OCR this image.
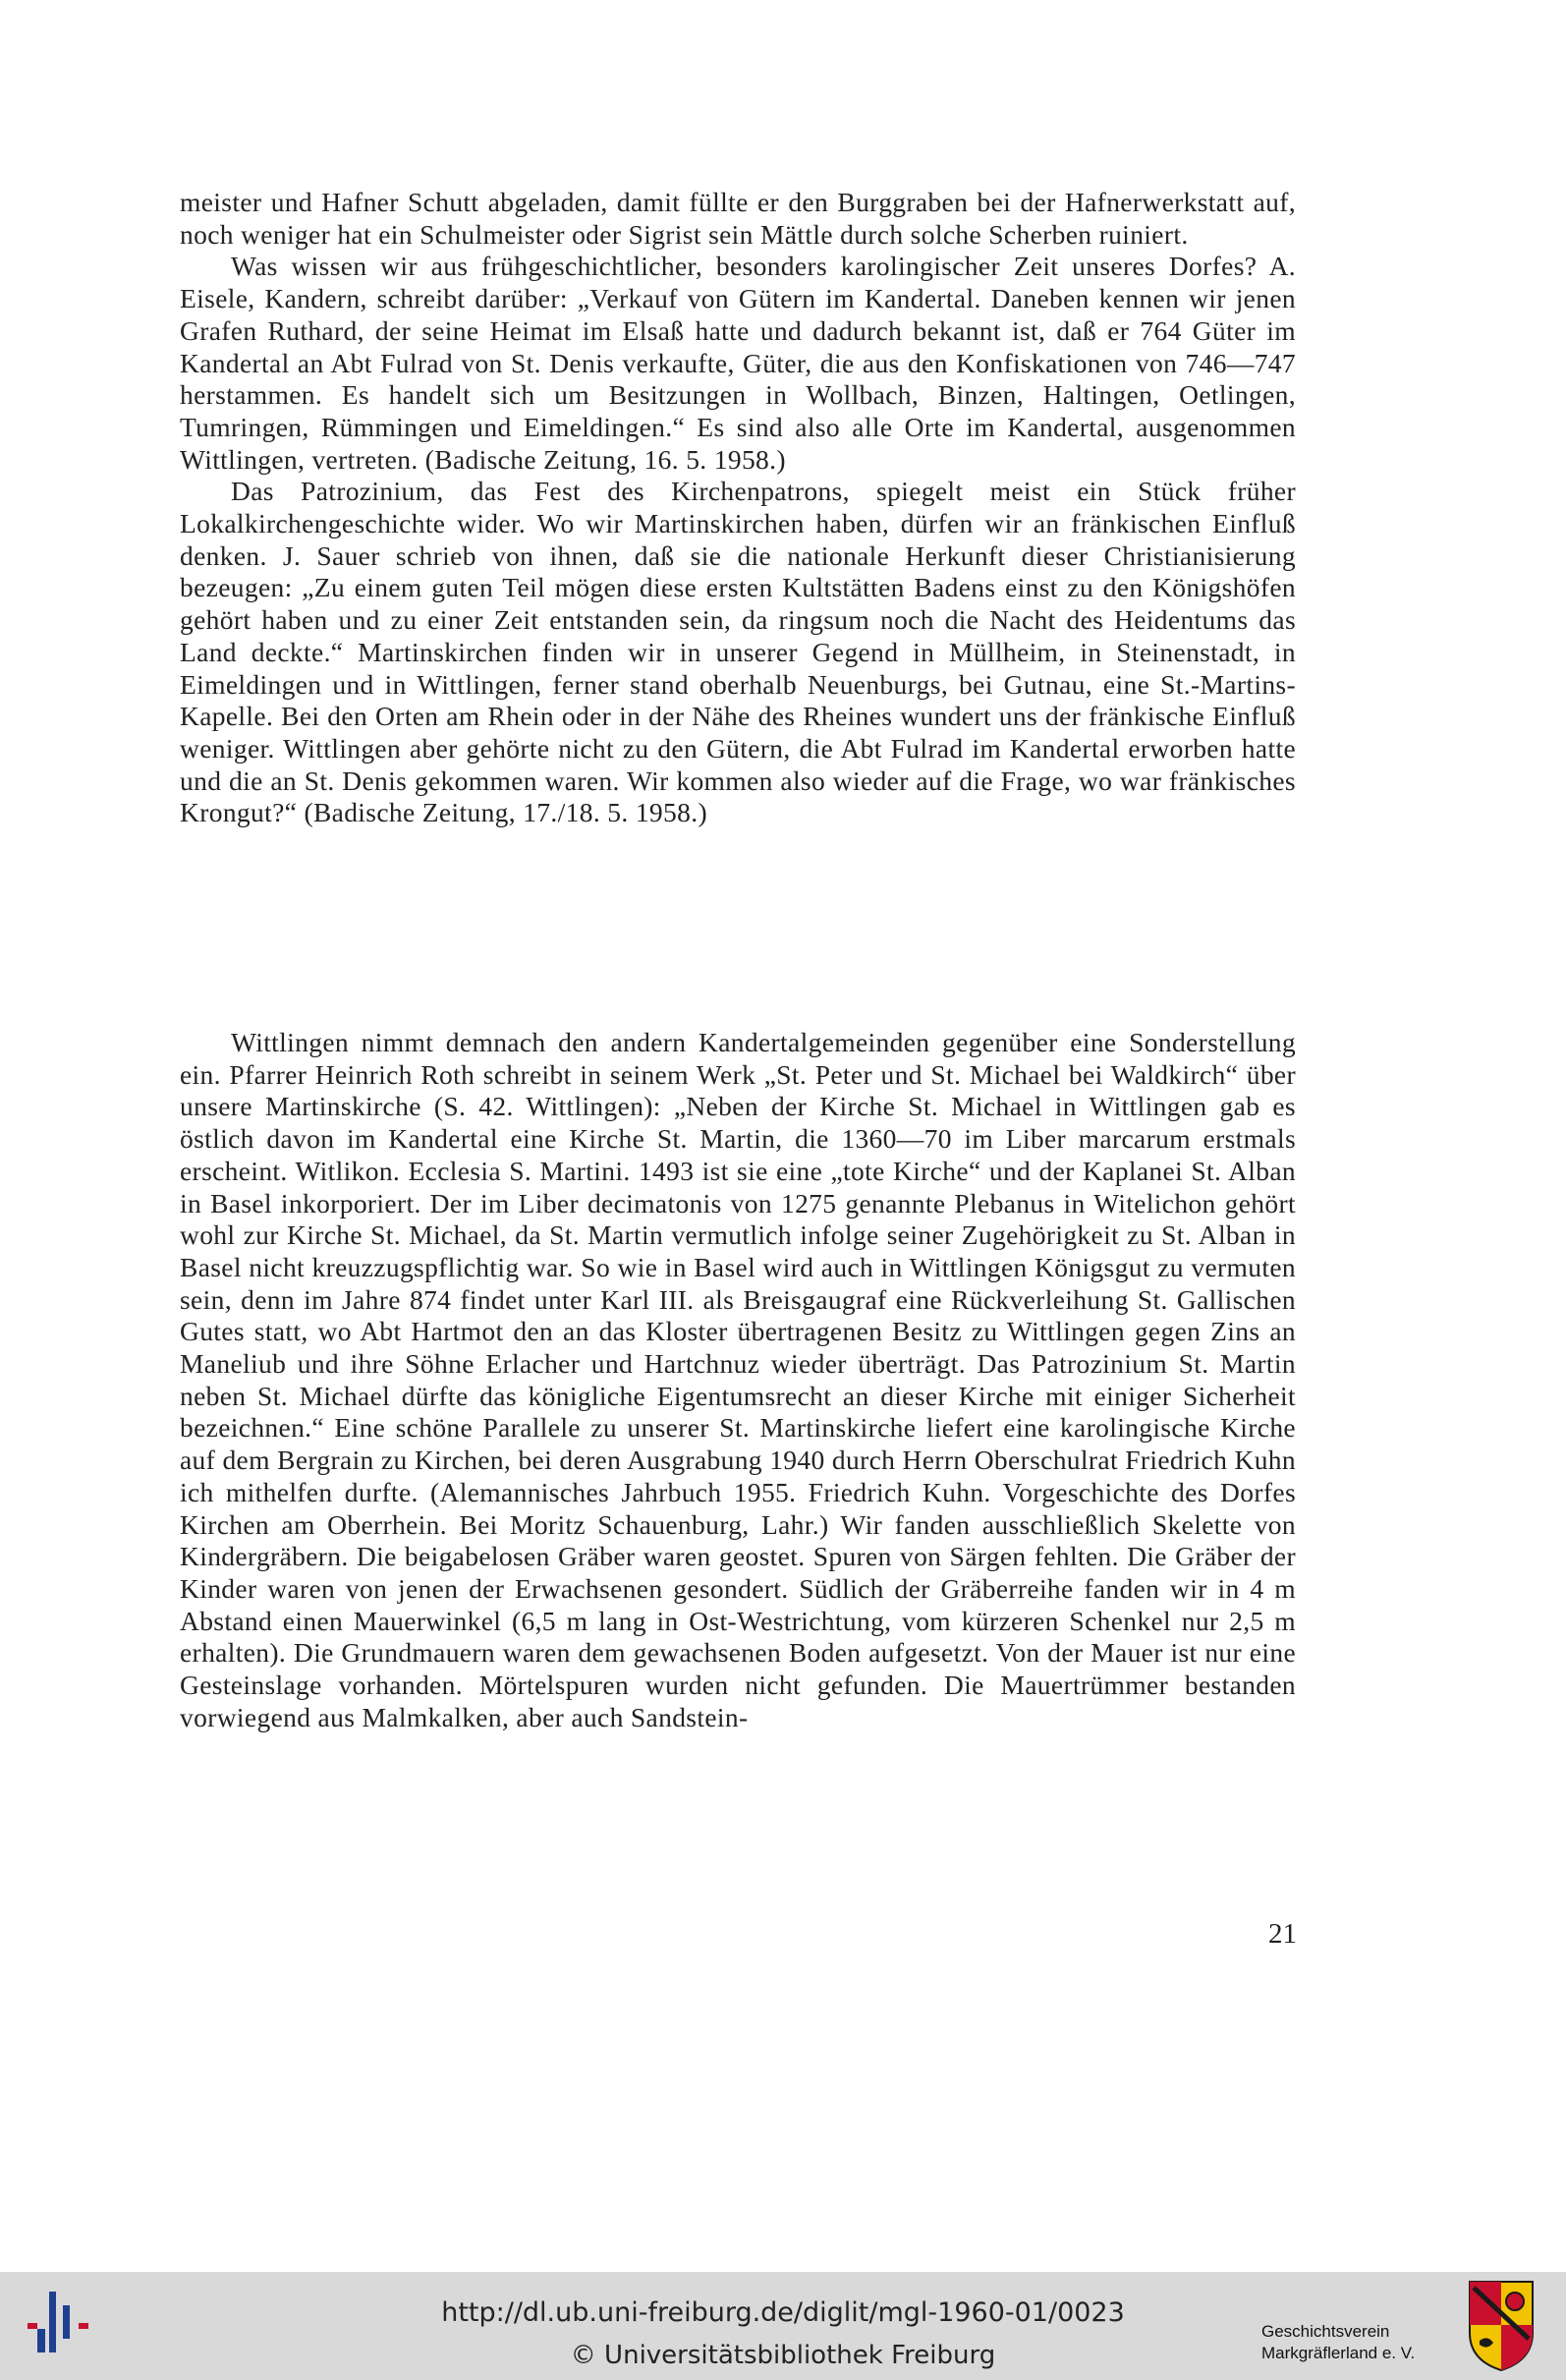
meister und Hafner Schutt abgeladen, damit füllte er den Burggraben bei der Hafnerwerkstatt auf, noch weniger hat ein Schulmeister oder Sigrist sein Mättle durch solche Scherben ruiniert.

Was wissen wir aus frühgeschichtlicher, besonders karolingischer Zeit unseres Dorfes? A. Eisele, Kandern, schreibt darüber: „Verkauf von Gütern im Kandertal. Daneben kennen wir jenen Grafen Ruthard, der seine Heimat im Elsaß hatte und dadurch bekannt ist, daß er 764 Güter im Kandertal an Abt Fulrad von St. Denis verkaufte, Güter, die aus den Konfiskationen von 746—747 herstammen. Es handelt sich um Besitzungen in Wollbach, Binzen, Haltingen, Oetlingen, Tumringen, Rümmingen und Eimeldingen.“ Es sind also alle Orte im Kandertal, ausgenommen Wittlingen, vertreten. (Badische Zeitung, 16. 5. 1958.)

Das Patrozinium, das Fest des Kirchenpatrons, spiegelt meist ein Stück früher Lokalkirchengeschichte wider. Wo wir Martinskirchen haben, dürfen wir an fränkischen Einfluß denken. J. Sauer schrieb von ihnen, daß sie die nationale Herkunft dieser Christianisierung bezeugen: „Zu einem guten Teil mögen diese ersten Kultstätten Badens einst zu den Königshöfen gehört haben und zu einer Zeit entstanden sein, da ringsum noch die Nacht des Heidentums das Land deckte.“ Martinskirchen finden wir in unserer Gegend in Müllheim, in Steinenstadt, in Eimeldingen und in Wittlingen, ferner stand oberhalb Neuenburgs, bei Gutnau, eine St.-Martins-Kapelle. Bei den Orten am Rhein oder in der Nähe des Rheines wundert uns der fränkische Einfluß weniger. Wittlingen aber gehörte nicht zu den Gütern, die Abt Fulrad im Kandertal erworben hatte und die an St. Denis gekommen waren. Wir kommen also wieder auf die Frage, wo war fränkisches Krongut?“ (Badische Zeitung, 17./18. 5. 1958.)

Wittlingen nimmt demnach den andern Kandertalgemeinden gegenüber eine Sonderstellung ein. Pfarrer Heinrich Roth schreibt in seinem Werk „St. Peter und St. Michael bei Waldkirch“ über unsere Martinskirche (S. 42. Wittlingen): „Neben der Kirche St. Michael in Wittlingen gab es östlich davon im Kandertal eine Kirche St. Martin, die 1360—70 im Liber marcarum erstmals erscheint. Witlikon. Ecclesia S. Martini. 1493 ist sie eine „tote Kirche“ und der Kaplanei St. Alban in Basel inkorporiert. Der im Liber decimatonis von 1275 genannte Plebanus in Witelichon gehört wohl zur Kirche St. Michael, da St. Martin vermutlich infolge seiner Zugehörigkeit zu St. Alban in Basel nicht kreuzzugspflichtig war. So wie in Basel wird auch in Wittlingen Königsgut zu vermuten sein, denn im Jahre 874 findet unter Karl III. als Breisgaugraf eine Rückverleihung St. Gallischen Gutes statt, wo Abt Hartmot den an das Kloster übertragenen Besitz zu Wittlingen gegen Zins an Maneliub und ihre Söhne Erlacher und Hartchnuz wieder überträgt. Das Patrozinium St. Martin neben St. Michael dürfte das königliche Eigentumsrecht an dieser Kirche mit einiger Sicherheit bezeichnen.“ Eine schöne Parallele zu unserer St. Martinskirche liefert eine karolingische Kirche auf dem Bergrain zu Kirchen, bei deren Ausgrabung 1940 durch Herrn Oberschulrat Friedrich Kuhn ich mithelfen durfte. (Alemannisches Jahrbuch 1955. Friedrich Kuhn. Vorgeschichte des Dorfes Kirchen am Oberrhein. Bei Moritz Schauenburg, Lahr.) Wir fanden ausschließlich Skelette von Kindergräbern. Die beigabelosen Gräber waren geostet. Spuren von Särgen fehlten. Die Gräber der Kinder waren von jenen der Erwachsenen gesondert. Südlich der Gräberreihe fanden wir in 4 m Abstand einen Mauerwinkel (6,5 m lang in Ost-Westrichtung, vom kürzeren Schenkel nur 2,5 m erhalten). Die Grundmauern waren dem gewachsenen Boden aufgesetzt. Von der Mauer ist nur eine Gesteinslage vorhanden. Mörtelspuren wurden nicht gefunden. Die Mauertrümmer bestanden vorwiegend aus Malmkalken, aber auch Sandstein-

21
http://dl.ub.uni-freiburg.de/diglit/mgl-1960-01/0023
© Universitätsbibliothek Freiburg
Geschichtsverein
Markgräflerland e. V.
